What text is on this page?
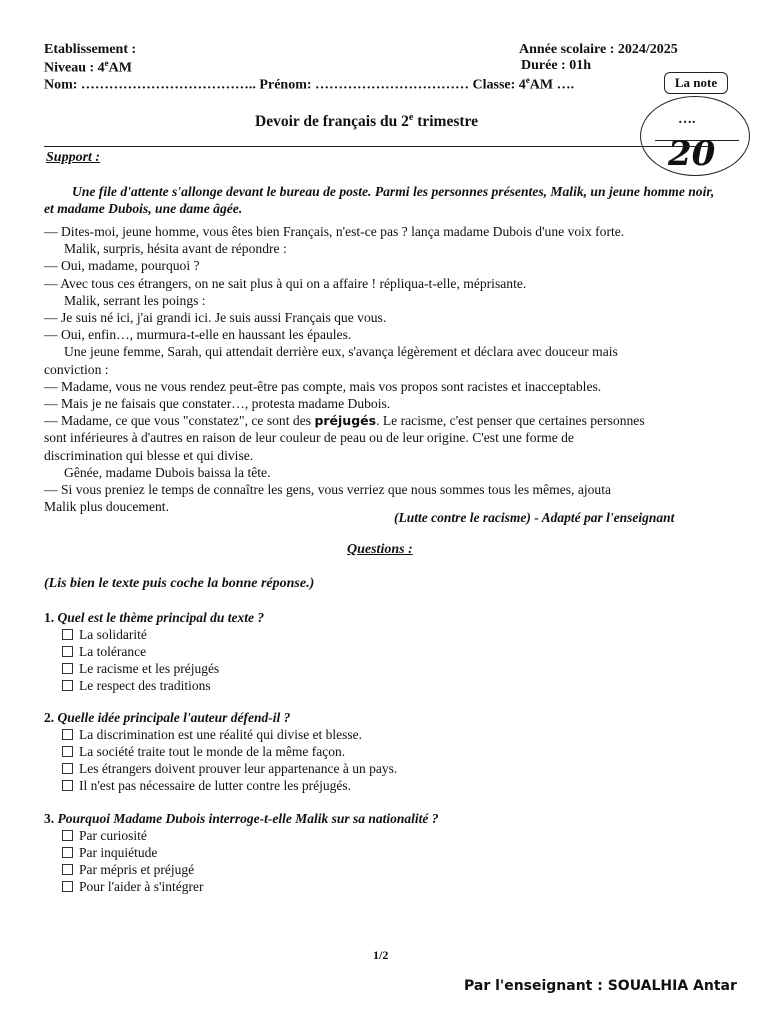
Etablissement :
Niveau : 4eAM
Nom: ……………………………….. Prénom: …………………………… Classe: 4eAM ….
Année scolaire : 2024/2025
Durée : 01h
La note
….
20
Devoir de français du 2e trimestre
Support :
Une file d'attente s'allonge devant le bureau de poste. Parmi les personnes présentes, Malik, un jeune homme noir, et madame Dubois, une dame âgée.
— Dites-moi, jeune homme, vous êtes bien Français, n'est-ce pas ? lança madame Dubois d'une voix forte.
Malik, surpris, hésita avant de répondre :
— Oui, madame, pourquoi ?
— Avec tous ces étrangers, on ne sait plus à qui on a affaire ! répliqua-t-elle, méprisante.
Malik, serrant les poings :
— Je suis né ici, j'ai grandi ici. Je suis aussi Français que vous.
— Oui, enfin…, murmura-t-elle en haussant les épaules.
Une jeune femme, Sarah, qui attendait derrière eux, s'avança légèrement et déclara avec douceur mais
conviction :
— Madame, vous ne vous rendez peut-être pas compte, mais vos propos sont racistes et inacceptables.
— Mais je ne faisais que constater…, protesta madame Dubois.
— Madame, ce que vous "constatez", ce sont des préjugés. Le racisme, c'est penser que certaines personnes
sont inférieures à d'autres en raison de leur couleur de peau ou de leur origine. C'est une forme de
discrimination qui blesse et qui divise.
Gênée, madame Dubois baissa la tête.
— Si vous preniez le temps de connaître les gens, vous verriez que nous sommes tous les mêmes, ajouta
Malik plus doucement.
(Lutte contre le racisme) - Adapté par l'enseignant
Questions :
(Lis bien le texte puis coche la bonne réponse.)
1. Quel est le thème principal du texte ?
La solidarité
La tolérance
Le racisme et les préjugés
Le respect des traditions
2. Quelle idée principale l'auteur défend-il ?
La discrimination est une réalité qui divise et blesse.
La société traite tout le monde de la même façon.
Les étrangers doivent prouver leur appartenance à un pays.
Il n'est pas nécessaire de lutter contre les préjugés.
3. Pourquoi Madame Dubois interroge-t-elle Malik sur sa nationalité ?
Par curiosité
Par inquiétude
Par mépris et préjugé
Pour l'aider à s'intégrer
1/2
Par l'enseignant : SOUALHIA Antar
